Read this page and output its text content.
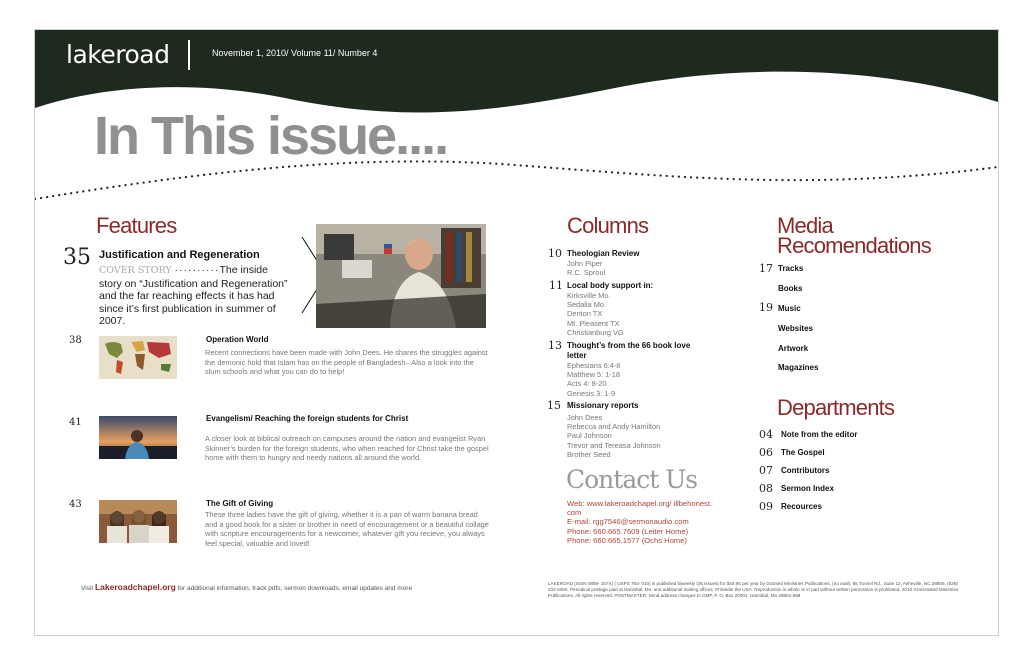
lakeroad	November 1, 2010/ Volume 11/ Number 4
In This issue....
Features
35 Justification and Regeneration
COVER STORY ··········The inside
story on “Justification and Regeneration” and the far reaching effects it has had since it’s first publication in summer of 2007.
38	Operation World
Recent connections have been made with John Dees. He shares the struggles against the demonic hold that Islam has on the people of Bangladesh– Also a look into the slum schools and what you can do to help!
41	Evangelism/ Reaching the foreign students for Christ
A closer look at biblical outreach on campuses around the nation and evangelist Ryan Skinner’s burden for the foreign students, who when reached for Christ take the gospel home with them to hungry and needy nations all around the world.
43	The Gift of Giving
These three ladies have the gift of giving, whether it is a pan of warm banana bread and a good book for a sister or brother in need of encouragement or a beautiful collage with scripture encouragements for a newcomer, whatever gift you recieve, you always feel special, valuable and loved!
Columns
10 Theologian Review
John Piper
R.C. Sproul
11 Local body support in:
Kirksville Mo.
Sedalia Mo.
Denton TX
Mt. Pleasent TX
Christianburg VG
13 Thought’s from the 66 book love letter
Ephesians 6:4-8
Matthew 5: 1-18
Acts 4: 8-20
Genesis 3: 1-9
15 Missionary reports
John Dees
Rebecca and Andy Hamilton
Paul Johnson
Trevor and Tereasa Johnson
Brother Seed
Contact Us
Web: www.lakeroadchapel.org/ illbehonest.
com
E-mail: rgg7546@sermonaudio.com
Phone: 660.665.7609 (Leiter Home)
Phone: 660.665.1577 (Ochs Home)
Media
Recomendations
17 Tracks
Books
19 Music
Websites
Artwork
Magazines
Departments
04 Note from the editor
06 The Gospel
07 Contributors
08 Sermon Index
09 Recources
Visit Lakeroadchapel.org for additional information, track pdfs, sermon downloads, email updates and more
LAKEROAD (ISSN 0888- 157X) ( USPS 763- 010) is published biweekly (26 issues) for $49.95 per year by Granted Ministries Publications, (no mail). 65 Tunnel Rd., Suite 12, Asheville, NC 28805, (828) 232-5260. Periodical postage paid at Hannibal, Mo. and additional mailing offices. Printedin the USA. Reproduction in whole or in part without written permission is prohibited. 2010 GraGranted Ministries Publications, All rights reserved. POSTMASTER: Send address changes to GMP, P. O. Box 20002, Hannibal, Mo 28802-998
